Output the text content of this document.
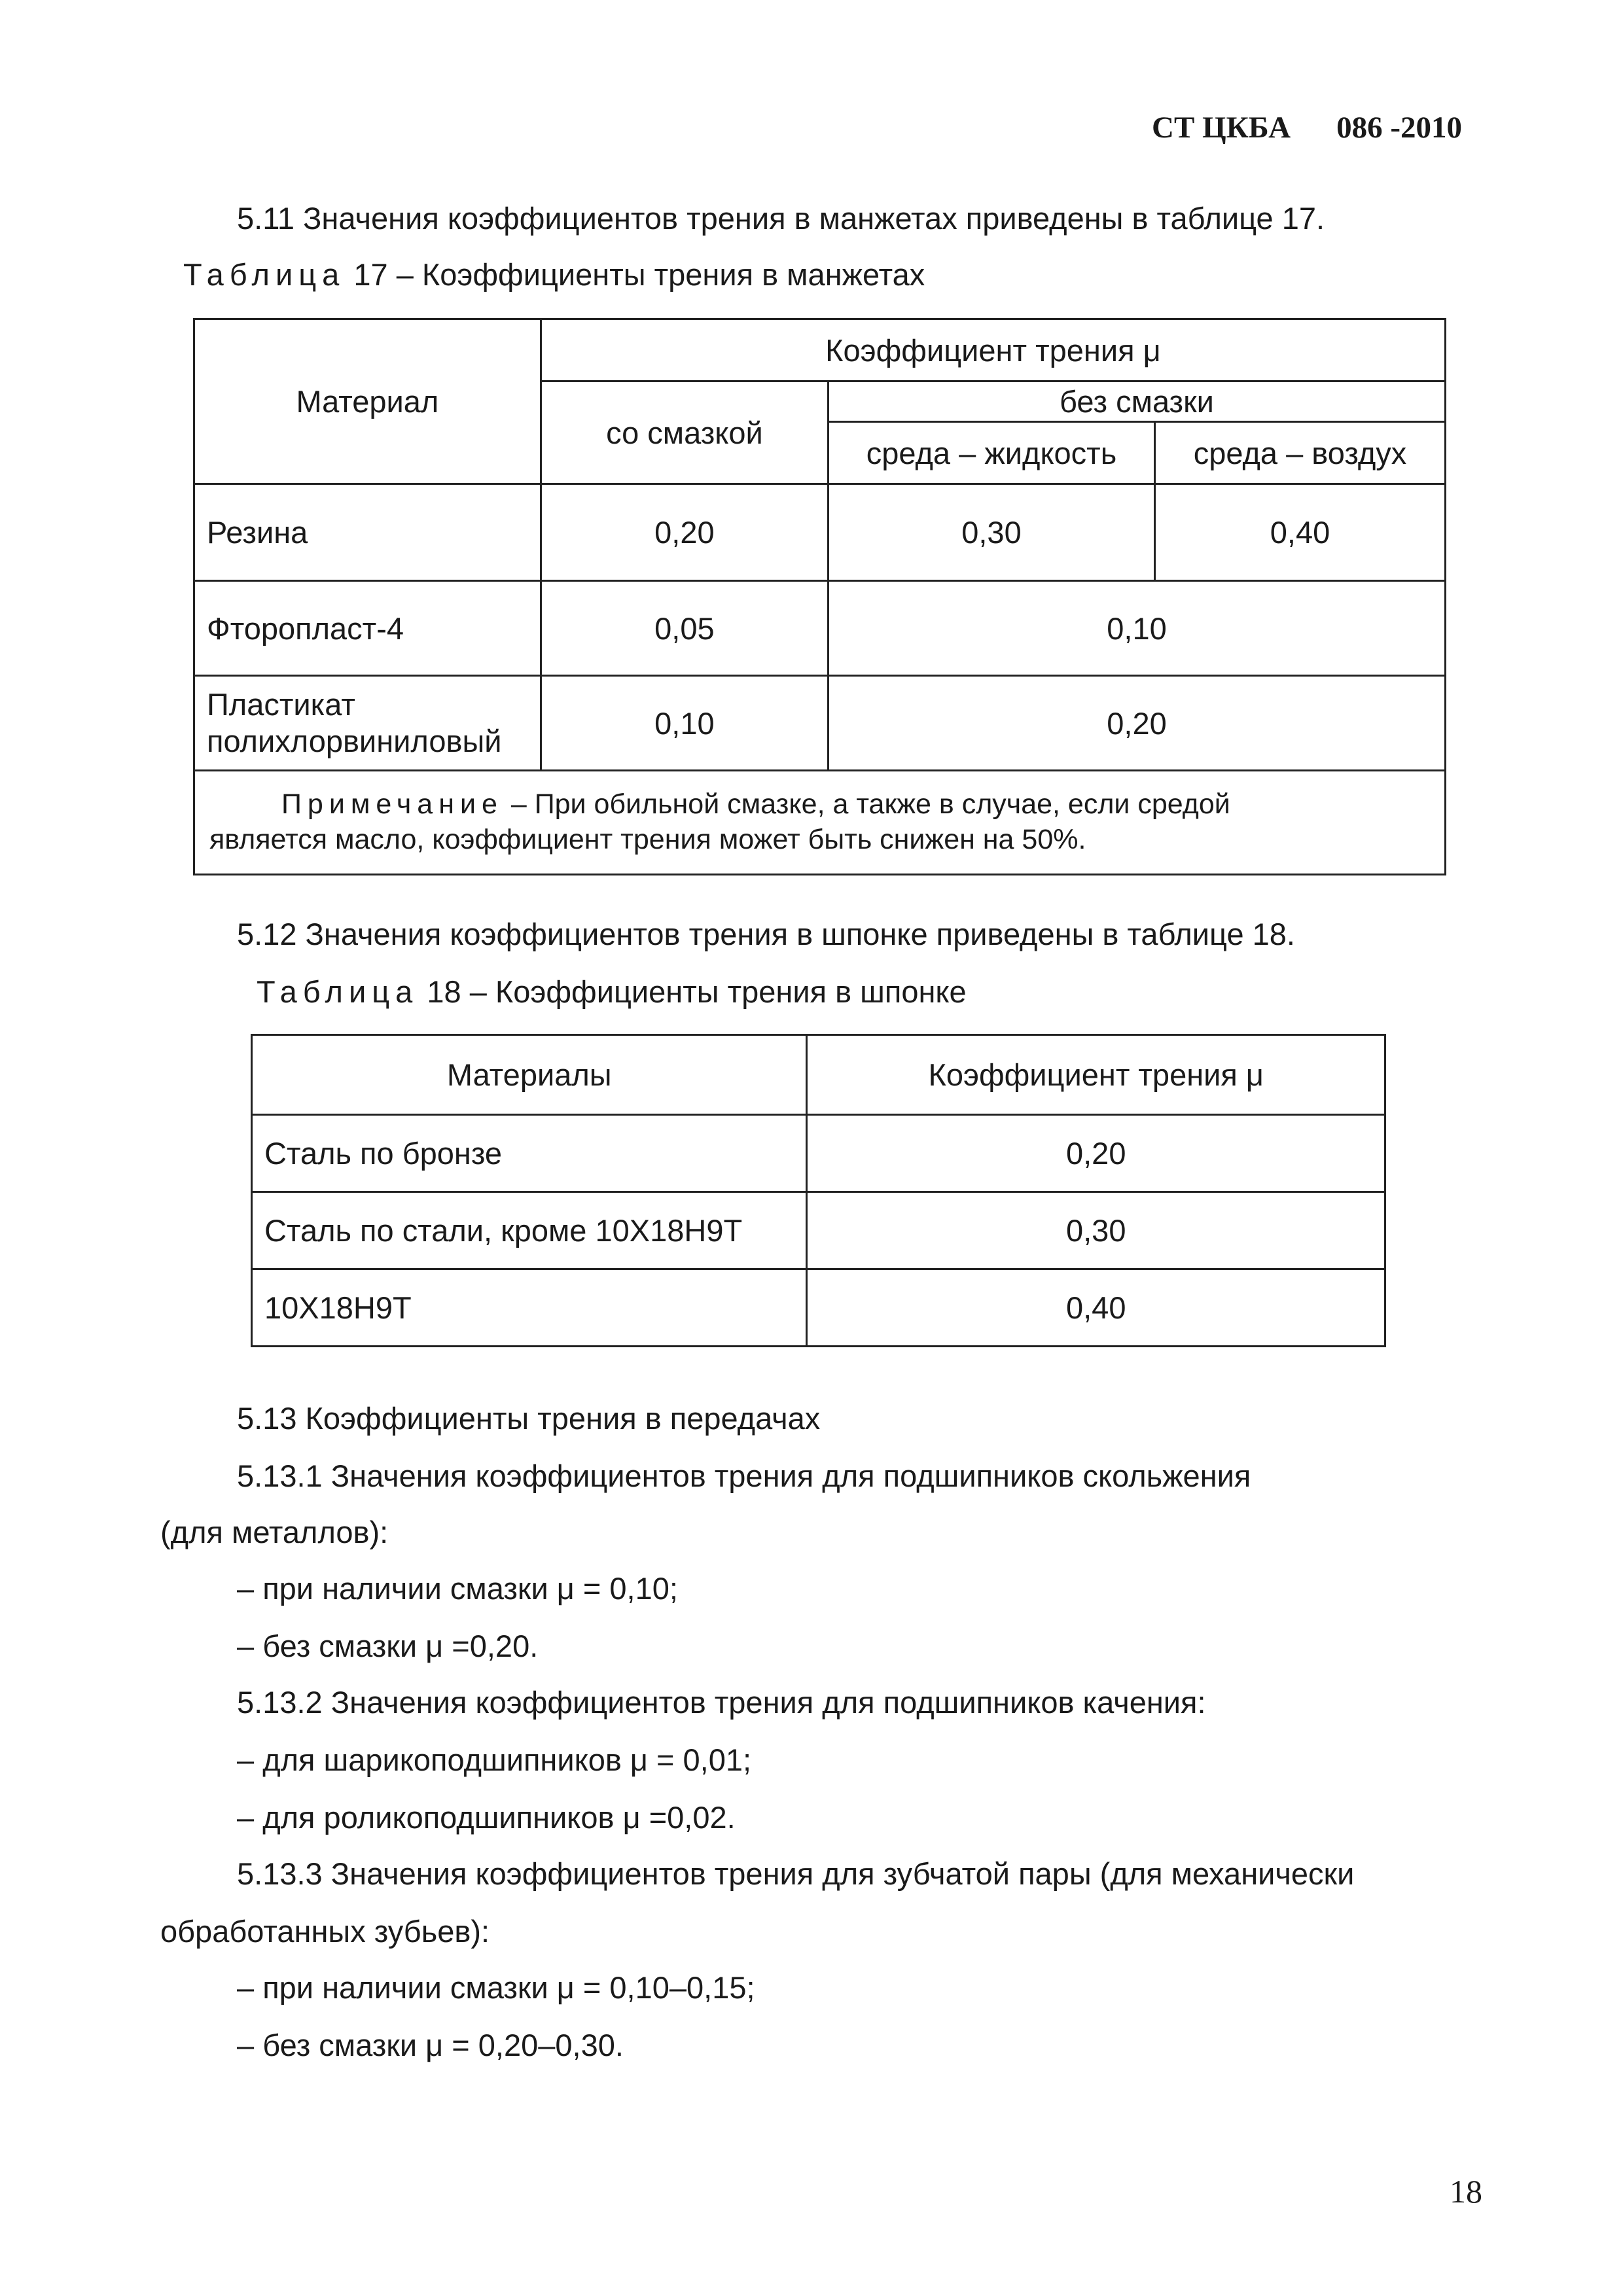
СТ ЦКБА 086 -2010
5.11 Значения коэффициентов трения в манжетах приведены в таблице 17.
Таблица 17 – Коэффициенты трения в манжетах
Материал	Коэффициент трения μ		
	со смазкой	без смазки	
		среда – жидкость	среда – воздух
Резина	0,20	0,30	0,40
Фторопласт-4	0,05	0,10	
Пластикат
полихлорвиниловый	0,10	0,20	

Примечание – При обильной смазке, а также в случае, если средой
является масло, коэффициент трения может быть снижен на 50%.			
5.12 Значения коэффициентов трения в шпонке приведены в таблице 18.
Таблица 18 – Коэффициенты трения в шпонке
Материалы	Коэффициент трения μ
Сталь по бронзе	0,20
Сталь по стали, кроме 10Х18Н9Т	0,30
10Х18Н9Т	0,40
5.13 Коэффициенты трения в передачах
5.13.1 Значения коэффициентов трения для подшипников скольжения
(для металлов):
– при наличии смазки μ = 0,10;
– без смазки μ =0,20.
5.13.2 Значения коэффициентов трения для подшипников качения:
– для шарикоподшипников μ = 0,01;
– для роликоподшипников μ =0,02.
5.13.3 Значения коэффициентов трения для зубчатой пары (для механически
обработанных зубьев):
– при наличии смазки μ = 0,10–0,15;
– без смазки μ = 0,20–0,30.
18
